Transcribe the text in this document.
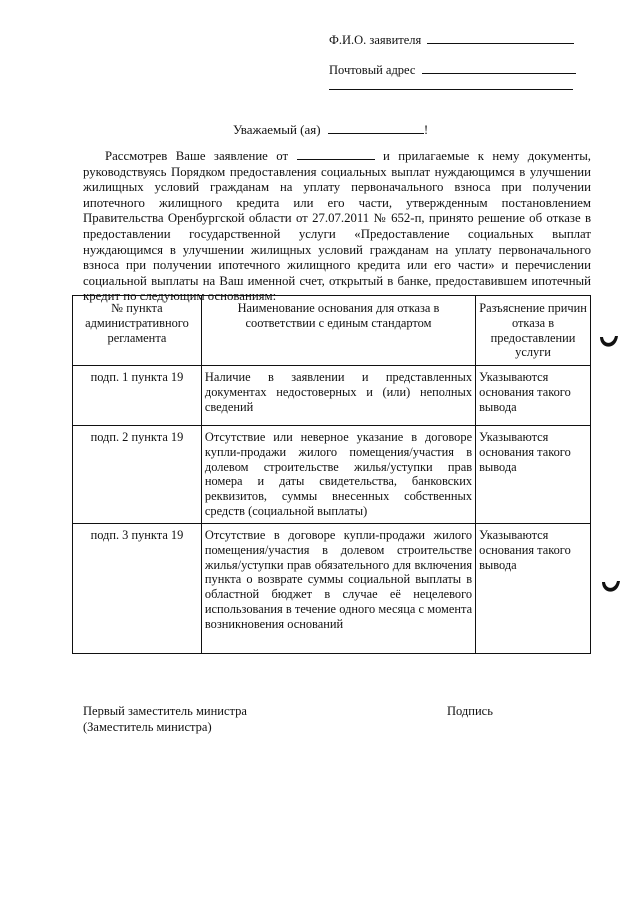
Ф.И.О. заявителя
Почтовый адрес
Уважаемый (ая)	!
Рассмотрев Ваше заявление от	и прилагаемые к нему документы, руководствуясь Порядком предоставления социальных выплат нуждающимся в улучшении жилищных условий гражданам на уплату первоначального взноса при получении ипотечного жилищного кредита или его части, утвержденным постановлением Правительства Оренбургской области от 27.07.2011 № 652-п, принято решение об отказе в предоставлении государственной услуги «Предоставление социальных выплат нуждающимся в улучшении жилищных условий гражданам на уплату первоначального взноса при получении ипотечного жилищного кредита или его части» и перечислении социальной выплаты на Ваш именной счет, открытый в банке, предоставившем ипотечный кредит по следующим основаниям:
№ пункта административного регламента	Наименование основания для отказа в соответствии с единым стандартом	Разъяснение причин отказа в предоставлении услуги
подп. 1 пункта 19	Наличие в заявлении и представленных документах недостоверных и (или) неполных сведений	Указываются основания такого вывода
подп. 2 пункта 19	Отсутствие или неверное указание в договоре купли-продажи жилого помещения/участия в долевом строительстве жилья/уступки прав номера и даты свидетельства, банковских реквизитов, суммы внесенных собственных средств (социальной выплаты)	Указываются основания такого вывода
подп. 3 пункта 19	Отсутствие в договоре купли-продажи жилого помещения/участия в долевом строительстве жилья/уступки прав обязательного для включения пункта о возврате суммы социальной выплаты в областной бюджет в случае её нецелевого использования в течение одного месяца с момента возникновения оснований	Указываются основания такого вывода
Первый заместитель министра
(Заместитель министра)
Подпись
